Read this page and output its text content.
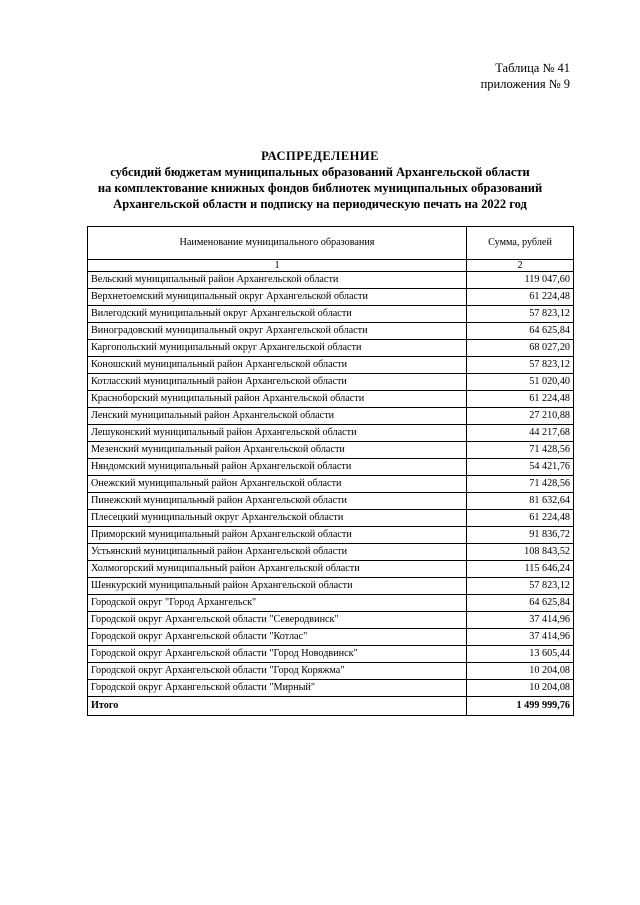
Таблица № 41
приложения № 9
РАСПРЕДЕЛЕНИЕ
субсидий бюджетам муниципальных образований Архангельской области
на комплектование книжных фондов библиотек муниципальных образований
Архангельской области и подписку на периодическую печать на 2022 год
Наименование муниципального образования	Сумма, рублей
1	2
Вельский муниципальный район Архангельской области	119 047,60
Верхнетоемский муниципальный округ Архангельской области	61 224,48
Вилегодский муниципальный округ Архангельской области	57 823,12
Виноградовский муниципальный округ Архангельской области	64 625,84
Каргопольский муниципальный округ Архангельской области	68 027,20
Коношский муниципальный район Архангельской области	57 823,12
Котласский муниципальный район Архангельской области	51 020,40
Красноборский муниципальный район Архангельской области	61 224,48
Ленский муниципальный район Архангельской области	27 210,88
Лешуконский муниципальный район Архангельской области	44 217,68
Мезенский муниципальный район Архангельской области	71 428,56
Няндомский муниципальный район Архангельской области	54 421,76
Онежский муниципальный район Архангельской области	71 428,56
Пинежский муниципальный район Архангельской области	81 632,64
Плесецкий муниципальный округ Архангельской области	61 224,48
Приморский муниципальный район Архангельской области	91 836,72
Устьянский муниципальный район Архангельской области	108 843,52
Холмогорский муниципальный район Архангельской области	115 646,24
Шенкурский муниципальный район Архангельской области	57 823,12
Городской округ "Город Архангельск"	64 625,84
Городской округ Архангельской области "Северодвинск"	37 414,96
Городской округ Архангельской области "Котлас"	37 414,96
Городской округ Архангельской области "Город Новодвинск"	13 605,44
Городской округ Архангельской области "Город Коряжма"	10 204,08
Городской округ Архангельской области "Мирный"	10 204,08
Итого	1 499 999,76
